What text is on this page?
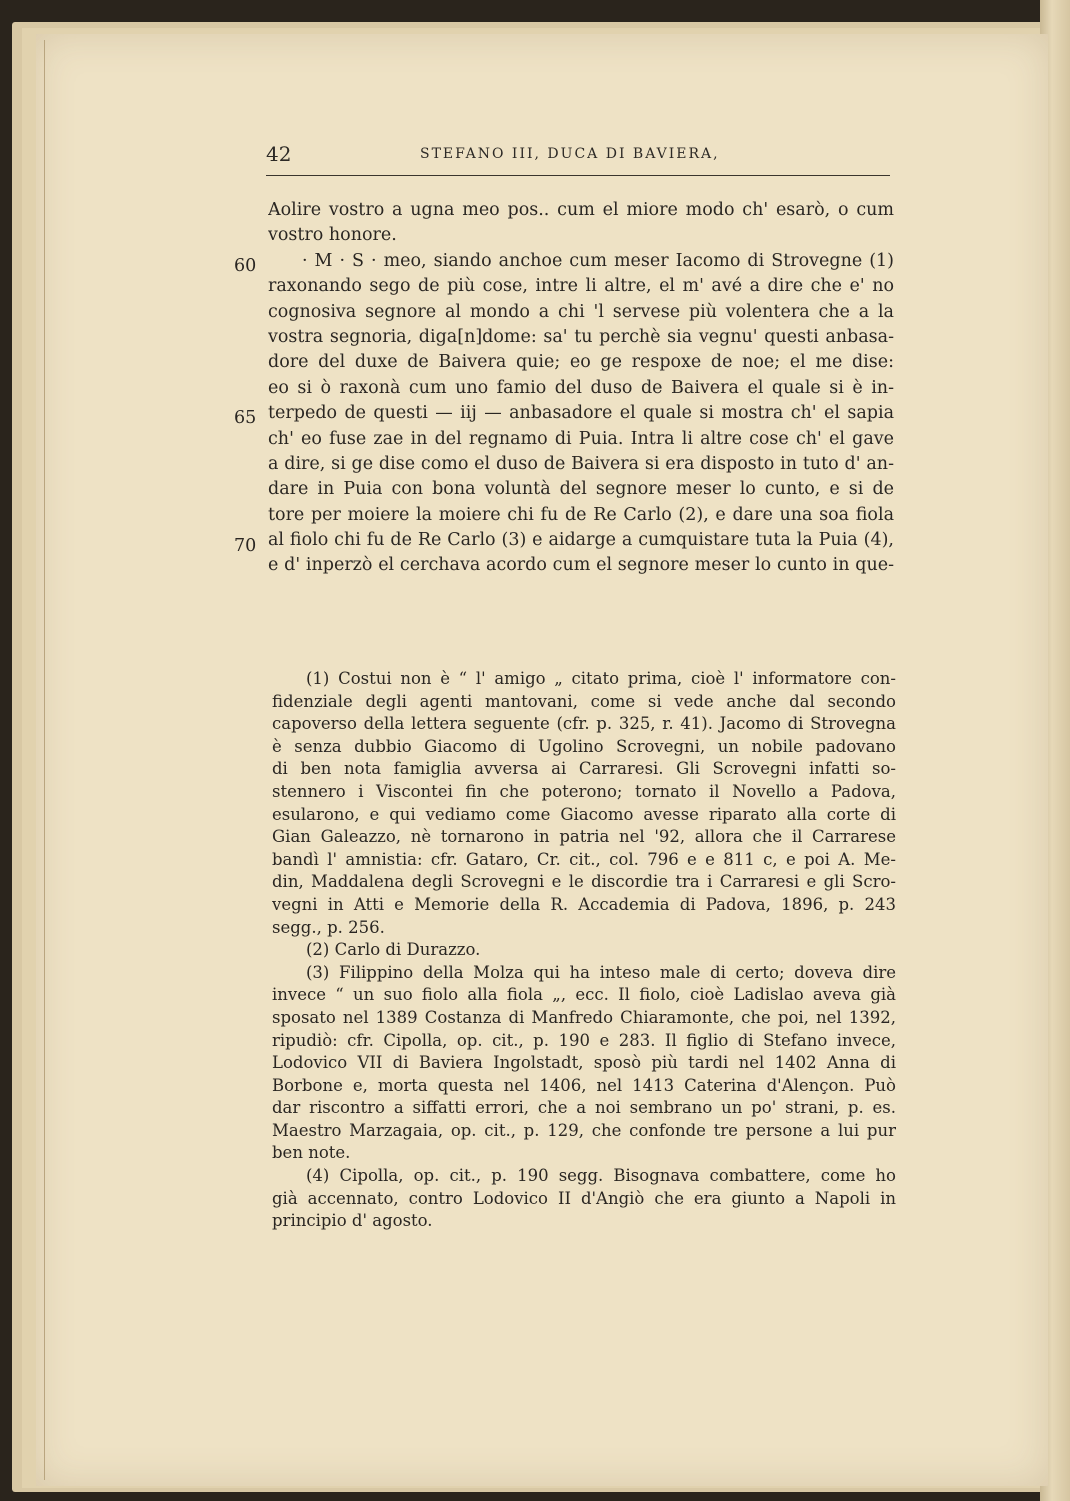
42	STEFANO III, DUCA DI BAVIERA,
60
65
70
Aolire vostro a ugna meo pos.. cum el miore modo ch' esarò, o cum
vostro honore.
· M · S · meo, siando anchoe cum meser Iacomo di Strovegne (1)
raxonando sego de più cose, intre li altre, el m' avé a dire che e' no
cognosiva segnore al mondo a chi 'l servese più volentera che a la
vostra segnoria, diga[n]dome: sa' tu perchè sia vegnu' questi anbasa-
dore del duxe de Baivera quie; eo ge respoxe de noe; el me dise:
eo si ò raxonà cum uno famio del duso de Baivera el quale si è in-
terpedo de questi — iij — anbasadore el quale si mostra ch' el sapia
ch' eo fuse zae in del regnamo di Puia. Intra li altre cose ch' el gave
a dire, si ge dise como el duso de Baivera si era disposto in tuto d' an-
dare in Puia con bona voluntà del segnore meser lo cunto, e si de
tore per moiere la moiere chi fu de Re Carlo (2), e dare una soa fiola
al fiolo chi fu de Re Carlo (3) e aidarge a cumquistare tuta la Puia (4),
e d' inperzò el cerchava acordo cum el segnore meser lo cunto in que-
(1) Costui non è “ l' amigo „ citato prima, cioè l' informatore con-
fidenziale degli agenti mantovani, come si vede anche dal secondo
capoverso della lettera seguente (cfr. p. 325, r. 41). Jacomo di Strovegna
è senza dubbio Giacomo di Ugolino Scrovegni, un nobile padovano
di ben nota famiglia avversa ai Carraresi. Gli Scrovegni infatti so-
stennero i Viscontei fin che poterono; tornato il Novello a Padova,
esularono, e qui vediamo come Giacomo avesse riparato alla corte di
Gian Galeazzo, nè tornarono in patria nel '92, allora che il Carrarese
bandì l' amnistia: cfr. Gataro, Cr. cit., col. 796 e e 811 c, e poi A. Me-
din, Maddalena degli Scrovegni e le discordie tra i Carraresi e gli Scro-
vegni in Atti e Memorie della R. Accademia di Padova, 1896, p. 243
segg., p. 256.
(2) Carlo di Durazzo.
(3) Filippino della Molza qui ha inteso male di certo; doveva dire
invece “ un suo fiolo alla fiola „, ecc. Il fiolo, cioè Ladislao aveva già
sposato nel 1389 Costanza di Manfredo Chiaramonte, che poi, nel 1392,
ripudiò: cfr. Cipolla, op. cit., p. 190 e 283. Il figlio di Stefano invece,
Lodovico VII di Baviera Ingolstadt, sposò più tardi nel 1402 Anna di
Borbone e, morta questa nel 1406, nel 1413 Caterina d'Alençon. Può
dar riscontro a siffatti errori, che a noi sembrano un po' strani, p. es.
Maestro Marzagaia, op. cit., p. 129, che confonde tre persone a lui pur
ben note.
(4) Cipolla, op. cit., p. 190 segg. Bisognava combattere, come ho
già accennato, contro Lodovico II d'Angiò che era giunto a Napoli in
principio d' agosto.
